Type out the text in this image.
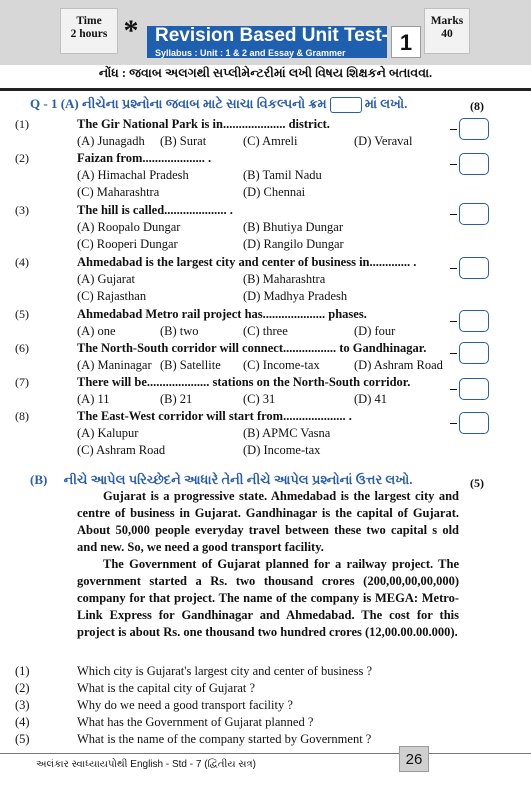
Time
2 hours * Revision Based Unit Test-
Syllabus : Unit : 1 & 2 and Essay & Grammer	1
Marks
40
નોંધ : જવાબ અલગથી સપ્લીમેન્ટરીમાં લખી વિષય શિક્ષકને બતાવવા.
Q - 1 (A) નીચેના પ્રશ્નોના જવાબ માટે સાચા વિકલ્પનો ક્રમ	માં લખો.	(8)
(1)	The Gir National Park is in.................... district.
(A) Junagadh (B) Surat	(C) Amreli	(D) Veraval
(2)	Faizan from.................... .
(A) Himachal Pradesh	(B) Tamil Nadu
(C) Maharashtra	(D) Chennai
(3)	The hill is called.................... .
(A) Roopalo Dungar	(B) Bhutiya Dungar
(C) Rooperi Dungar	(D) Rangilo Dungar
(4)	Ahmedabad is the largest city and center of business in............. .
(A) Gujarat	(B) Maharashtra
(C) Rajasthan	(D) Madhya Pradesh
(5)	Ahmedabad Metro rail project has.................... phases.
(A) one	(B) two	(C) three	(D) four
(6)	The North-South corridor will connect................. to Gandhinagar.
(A) Maninagar (B) Satellite (C) Income-tax	(D) Ashram Road
(7)	There will be.................... stations on the North-South corridor.
(A) 11	(B) 21	(C) 31	(D) 41
(8)	The East-West corridor will start from.................... .
(A) Kalupur	(B) APMC Vasna
(C) Ashram Road	(D) Income-tax
(B) નીચે આપેલ પરિચ્છેદને આધારે તેની નીચે આપેલ પ્રશ્નોનાં ઉત્તર લખો.	(5)

Gujarat is a progressive state. Ahmedabad is the largest city and centre of business in Gujarat. Gandhinagar is the capital of Gujarat. About 50,000 people everyday travel between these two capital s old and new. So, we need a good transport facility.

The Government of Gujarat planned for a railway project. The government started a Rs. two thousand crores (200,00,00,00,000) company for that project. The name of the company is MEGA: Metro-Link Express for Gandhinagar and Ahmedabad. The cost for this project is about Rs. one thousand two hundred crores (12,00.00.00.000).

(1)	Which city is Gujarat's largest city and center of business ?
(2)	What is the capital city of Gujarat ?
(3)	Why do we need a good transport facility ?
(4)	What has the Government of Gujarat planned ?
(5)	What is the name of the company started by Government ?
અલંકાર સ્વાધ્યાયપોથી English - Std - 7 (દ્વિતીય સત્ર)	26
